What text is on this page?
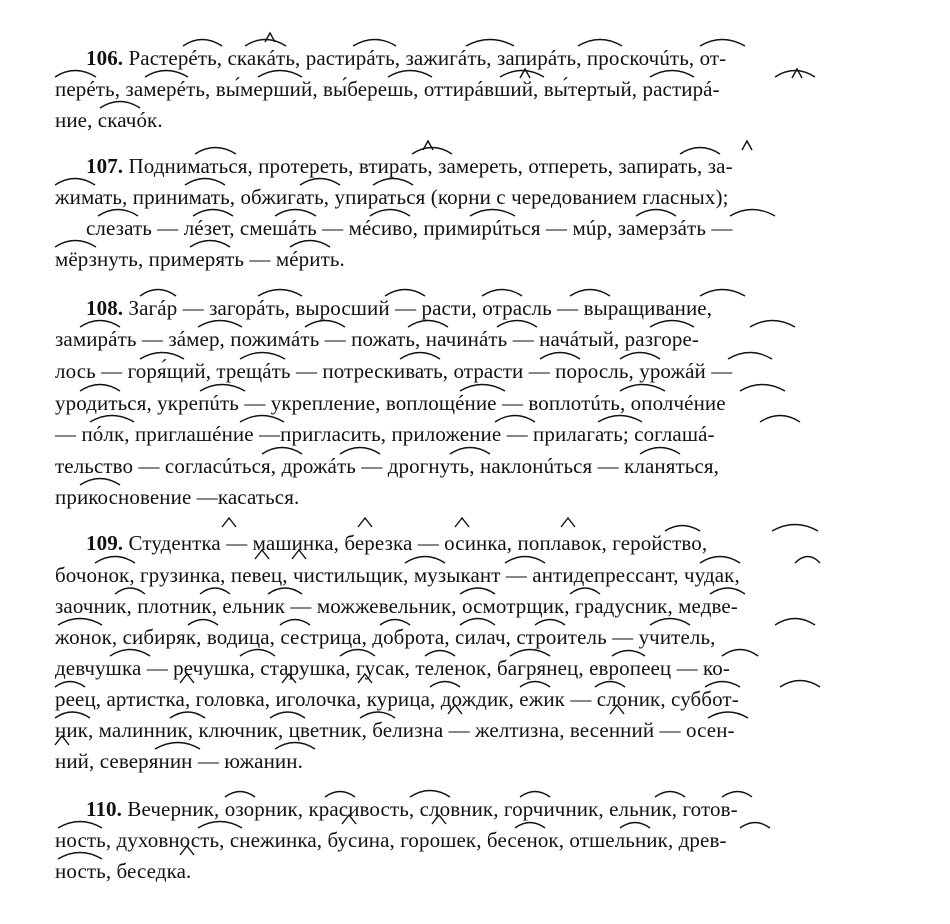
106. Растерéть, скакáть, растирáть, зажигáть, запирáть, проскочúть, от-
перéть, замерéть, вы́мерший, вы́берешь, оттирáвший, вы́тертый, растирá-
ние, скачóк.
107. Подниматься, протереть, втирать, замереть, отпереть, запирать, за-
жимать, принимать, обжигать, упираться (корни с чередованием гласных);
слезать — лéзет, смешáть — мéсиво, примирúться — мúр, замерзáть —
мёрзнуть, примерять — мéрить.
108. Загáр — загорáть, выросший — расти, отрасль — выращивание,
замирáть — зáмер, пожимáть — пожать, начинáть — начáтый, разгоре-
лось — горя́щий, трещáть — потрескивать, отрасти — поросль, урожáй —
уродиться, укрепúть — укрепление, воплощéние — воплотúть, ополчéние
— пóлк, приглашéние —пригласить, приложение — прилагать; соглашá-
тельство — соглаcúться, дрожáть — дрогнуть, наклонúться — кланяться,
прикосновение —касаться.
109. Студентка — машинка, березка — осинка, поплавок, геройство,
бочонок, грузинка, певец, чистильщик, музыкант — антидепрессант, чудак,
заочник, плотник, ельник — можжевельник, осмотрщик, градусник, медве-
жонок, сибиряк, водица, сестрица, доброта, силач, строитель — учитель,
девчушка — речушка, старушка, гусак, теленок, багрянец, европеец — ко-
реец, артистка, головка, иголочка, курица, дождик, ежик — слоник, суббот-
ник, малинник, ключник, цветник, белизна — желтизна, весенний — осен-
ний, северянин — южанин.
110. Вечерник, озорник, красивость, словник, горчичник, ельник, готов-
ность, духовность, снежинка, бусина, горошек, бесенок, отшельник, древ-
ность, беседка.
